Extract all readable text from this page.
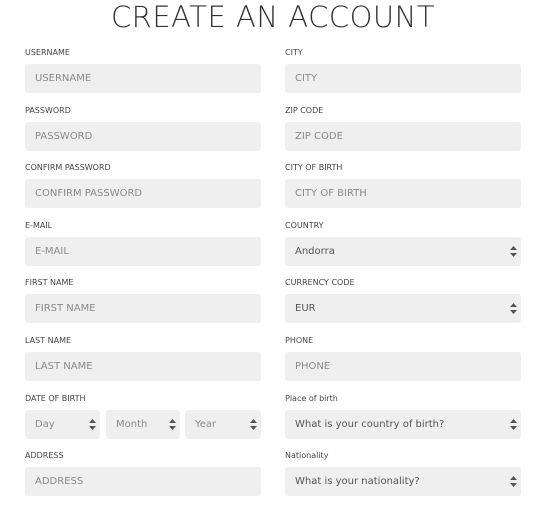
CREATE AN ACCOUNT
USERNAME
USERNAME
PASSWORD
PASSWORD
CONFIRM PASSWORD
CONFIRM PASSWORD
E-MAIL
E-MAIL
FIRST NAME
FIRST NAME
LAST NAME
LAST NAME
DATE OF BIRTH
Day	Month	Year
ADDRESS
ADDRESS
CITY
CITY
ZIP CODE
ZIP CODE
CITY OF BIRTH
CITY OF BIRTH
COUNTRY
Andorra
CURRENCY CODE
EUR
PHONE
PHONE
Place of birth
What is your country of birth?
Nationality
What is your nationality?
